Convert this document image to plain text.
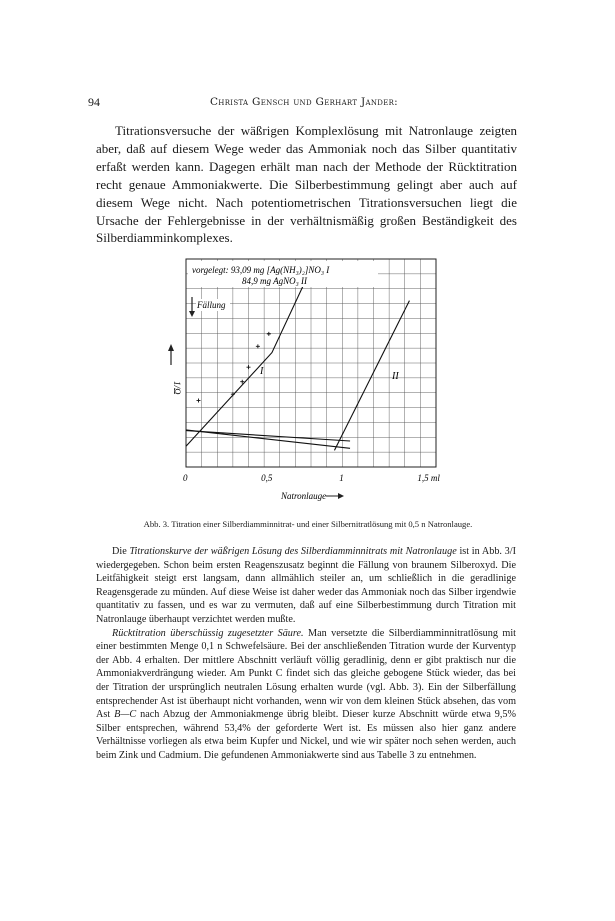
94	Christa Gensch und Gerhart Jander:

Titrationsversuche der wäßrigen Komplexlösung mit Natronlauge zeigten aber, daß auf diesem Wege weder das Ammoniak noch das Silber quantitativ erfaßt werden kann. Dagegen erhält man nach der Methode der Rücktitration recht genaue Ammoniakwerte. Die Silberbestimmung gelingt aber auch auf diesem Wege nicht. Nach potentiometrischen Titrationsversuchen liegt die Ursache der Fehlergebnisse in der verhältnismäßig großen Beständigkeit des Silberdiamminkomplexes.

vorgelegt: 93,09 mg [Ag(NH₃)₂]NO₃ I
84,9 mg AgNO₃ II
Fällung
I	II
1/Ω
0	0,5	1	1,5 ml
Natronlauge

Abb. 3. Titration einer Silberdiamminnitrat- und einer Silbernitratlösung mit 0,5 n Natronlauge.

Die Titrationskurve der wäßrigen Lösung des Silberdiamminnitrats mit Natronlauge ist in Abb. 3/I wiedergegeben. Schon beim ersten Reagenszusatz beginnt die Fällung von braunem Silberoxyd. Die Leitfähigkeit steigt erst langsam, dann allmählich steiler an, um schließlich in die geradlinige Reagensgerade zu münden. Auf diese Weise ist daher weder das Ammoniak noch das Silber irgendwie quantitativ zu fassen, und es war zu vermuten, daß auf eine Silberbestimmung durch Titration mit Natronlauge überhaupt verzichtet werden mußte.

Rücktitration überschüssig zugesetzter Säure. Man versetzte die Silberdiamminnitratlösung mit einer bestimmten Menge 0,1 n Schwefelsäure. Bei der anschließenden Titration wurde der Kurventyp der Abb. 4 erhalten. Der mittlere Abschnitt verläuft völlig geradlinig, denn er gibt praktisch nur die Ammoniakverdrängung wieder. Am Punkt C findet sich das gleiche gebogene Stück wieder, das bei der Titration der ursprünglich neutralen Lösung erhalten wurde (vgl. Abb. 3). Ein der Silberfällung entsprechender Ast ist überhaupt nicht vorhanden, wenn wir von dem kleinen Stück absehen, das vom Ast B—C nach Abzug der Ammoniakmenge übrig bleibt. Dieser kurze Abschnitt würde etwa 9,5% Silber entsprechen, während 53,4% der geforderte Wert ist. Es müssen also hier ganz andere Verhältnisse vorliegen als etwa beim Kupfer und Nickel, und wie wir später noch sehen werden, auch beim Zink und Cadmium. Die gefundenen Ammoniakwerte sind aus Tabelle 3 zu entnehmen.
